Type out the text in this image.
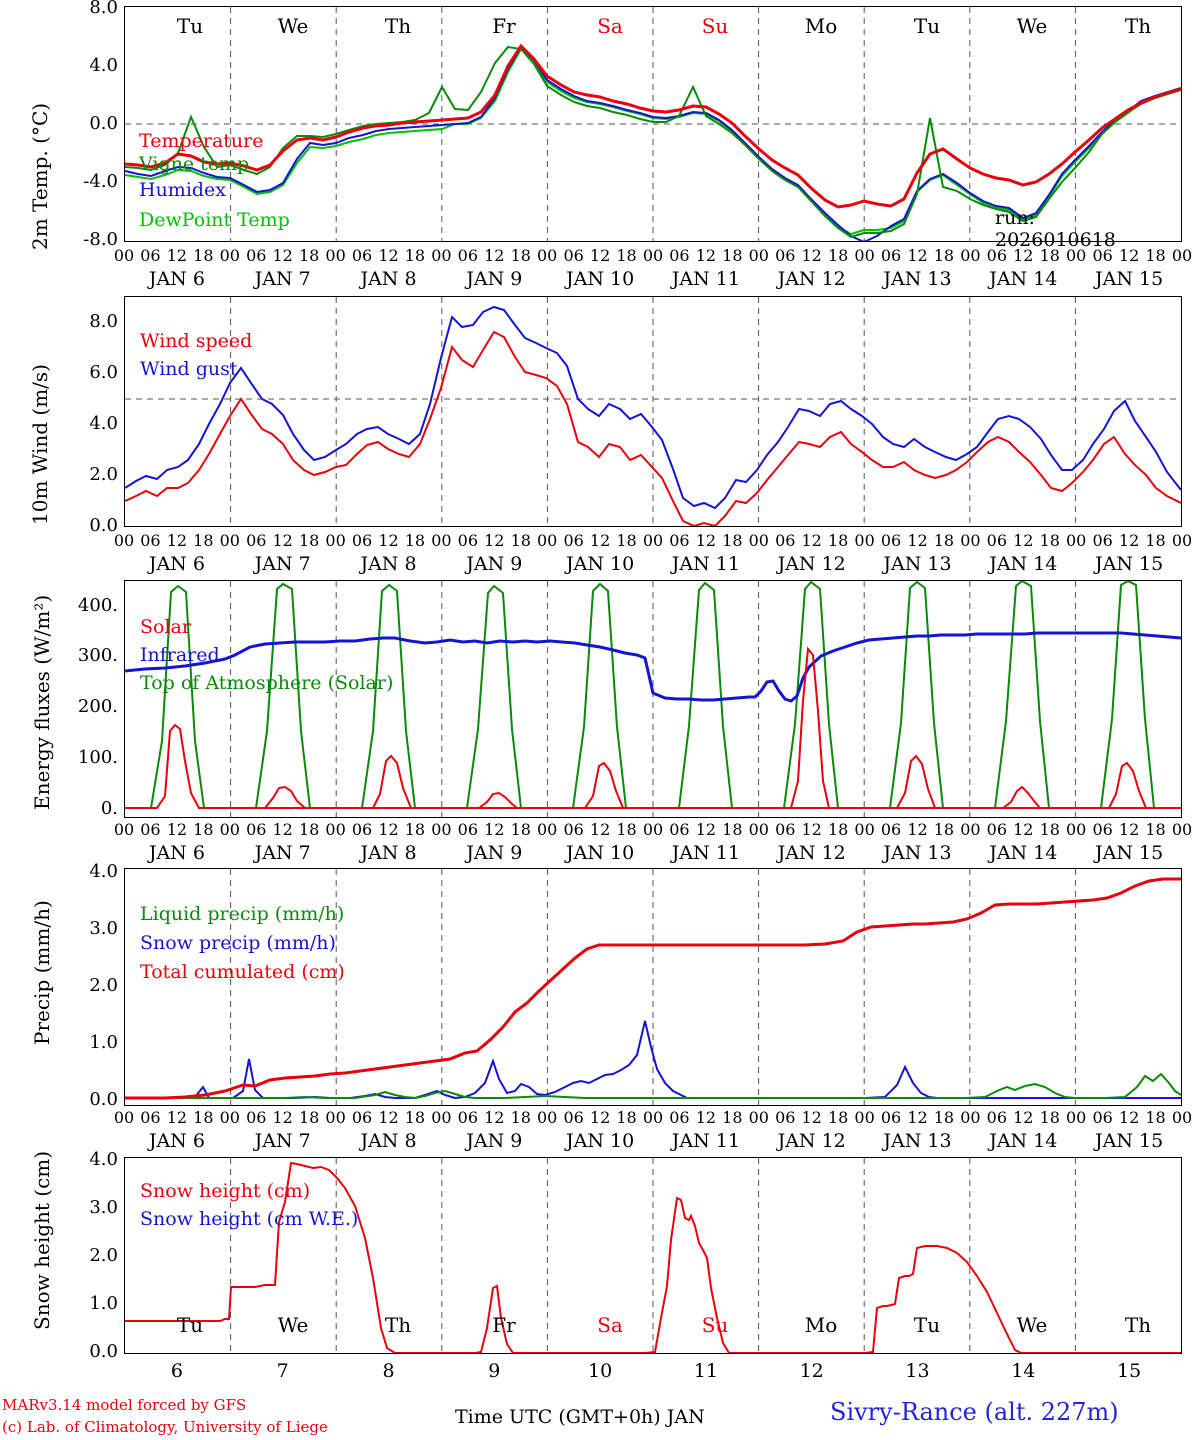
2m Temp. (°C)
8.0
4.0
0.0
-4.0
-8.0
Temperature
Vigne temp
Humidex
DewPoint Temp	run: 2026010618
Tu	We	Th	Fr	Sa	Su	Mo	Tu	We	Th
00 06 12 18 00 06 12 18 00 06 12 18 00 06 12 18 00 06 12 18 00 06 12 18 00 06 12 18 00 06 12 18 00 06 12 18 00 06 12 18 00
JAN 6	JAN 7	JAN 8	JAN 9	JAN 10	JAN 11	JAN 12	JAN 13	JAN 14	JAN 15
10m Wind (m/s)
8.0
6.0
4.0
2.0
0.0
Wind speed
Wind gust
00 06 12 18 00 06 12 18 00 06 12 18 00 06 12 18 00 06 12 18 00 06 12 18 00 06 12 18 00 06 12 18 00 06 12 18 00 06 12 18 00
JAN 6	JAN 7	JAN 8	JAN 9	JAN 10	JAN 11	JAN 12	JAN 13	JAN 14	JAN 15
Energy fluxes (W/m²)	400.
300.
200.
100.
0.
Solar
Infrared
Top of Atmosphere (Solar)
00 06 12 18 00 06 12 18 00 06 12 18 00 06 12 18 00 06 12 18 00 06 12 18 00 06 12 18 00 06 12 18 00 06 12 18 00 06 12 18 00
JAN 6	JAN 7	JAN 8	JAN 9	JAN 10	JAN 11	JAN 12	JAN 13	JAN 14	JAN 15
Precip (mm/h)
4.0
3.0
2.0
1.0
0.0
Liquid precip (mm/h)
Snow precip (mm/h)
Total cumulated (cm)
00 06 12 18 00 06 12 18 00 06 12 18 00 06 12 18 00 06 12 18 00 06 12 18 00 06 12 18 00 06 12 18 00 06 12 18 00 06 12 18 00
JAN 6	JAN 7	JAN 8	JAN 9	JAN 10	JAN 11	JAN 12	JAN 13	JAN 14	JAN 15
Snow height (cm)	4.0
3.0
2.0
1.0
0.0
Snow height (cm)
Snow height (cm W.E.)
Tu	We	Th	Fr	Sa	Su	Mo	Tu	We	Th
6	7	8	9	10	11	12	13	14	15
MARv3.14 model forced by GFS
(c) Lab. of Climatology, University of Liege	Time UTC (GMT+0h) JAN	Sivry-Rance (alt. 227m)
